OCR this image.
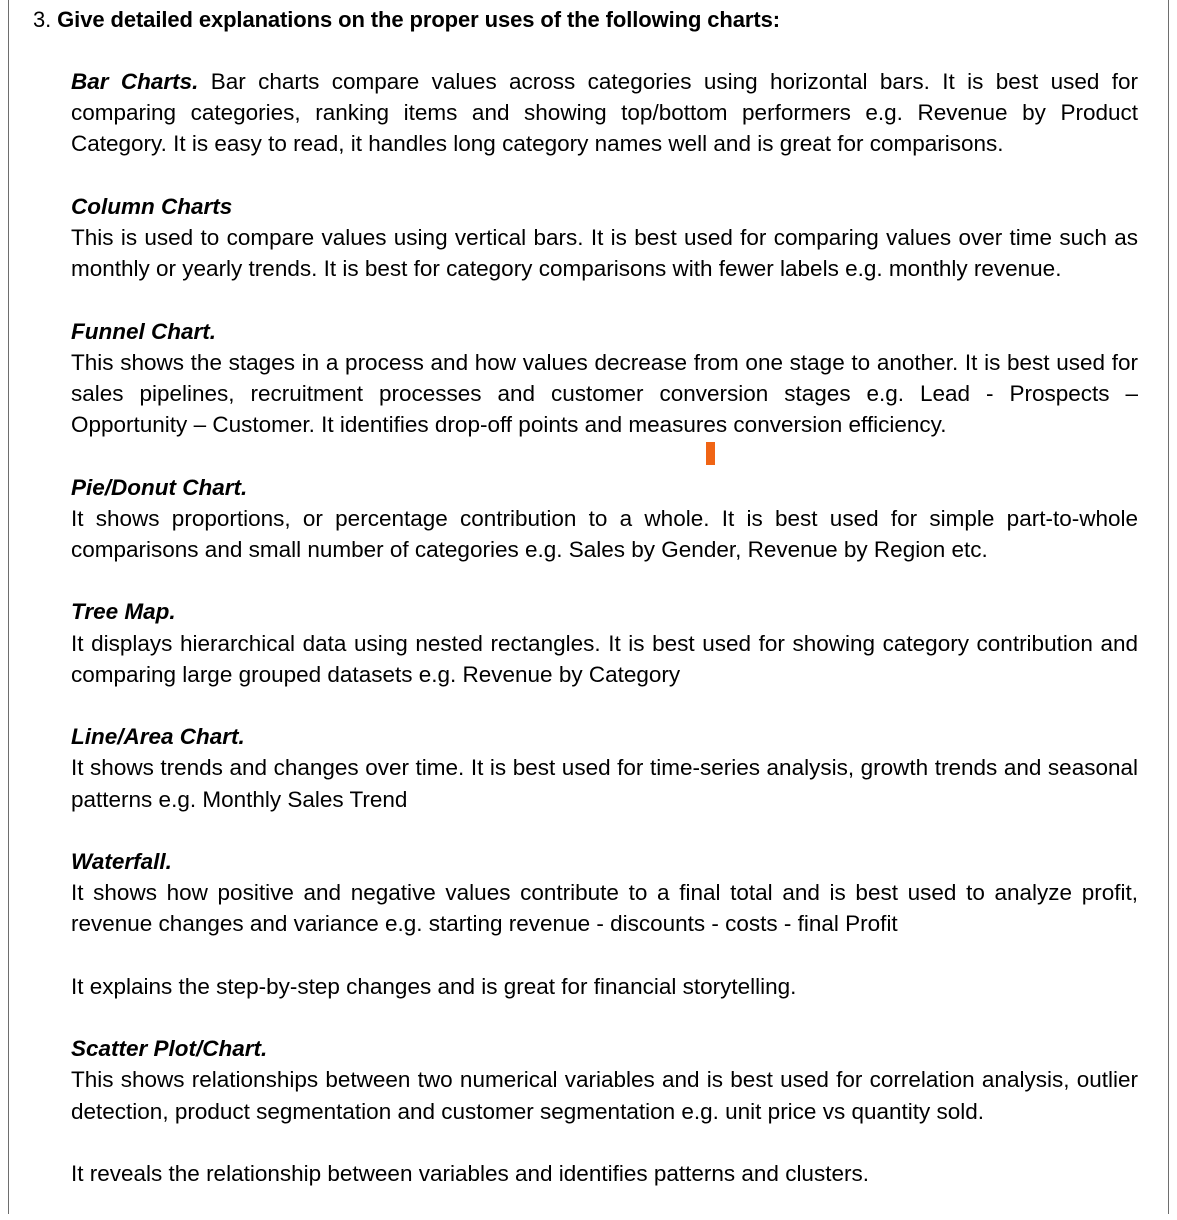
3. Give detailed explanations on the proper uses of the following charts:

Bar Charts. Bar charts compare values across categories using horizontal bars. It is best used for comparing categories, ranking items and showing top/bottom performers e.g. Revenue by Product Category. It is easy to read, it handles long category names well and is great for comparisons.

Column Charts

This is used to compare values using vertical bars. It is best used for comparing values over time such as monthly or yearly trends. It is best for category comparisons with fewer labels e.g. monthly revenue.

Funnel Chart.

This shows the stages in a process and how values decrease from one stage to another. It is best used for sales pipelines, recruitment processes and customer conversion stages e.g. Lead - Prospects – Opportunity – Customer. It identifies drop-off points and measures conversion efficiency.

Pie/Donut Chart.

It shows proportions, or percentage contribution to a whole. It is best used for simple part-to-whole comparisons and small number of categories e.g. Sales by Gender, Revenue by Region etc.

Tree Map.

It displays hierarchical data using nested rectangles. It is best used for showing category contribution and comparing large grouped datasets e.g. Revenue by Category

Line/Area Chart.

It shows trends and changes over time. It is best used for time-series analysis, growth trends and seasonal patterns e.g. Monthly Sales Trend

Waterfall.

It shows how positive and negative values contribute to a final total and is best used to analyze profit, revenue changes and variance e.g. starting revenue - discounts - costs - final Profit

It explains the step-by-step changes and is great for financial storytelling.

Scatter Plot/Chart.

This shows relationships between two numerical variables and is best used for correlation analysis, outlier detection, product segmentation and customer segmentation e.g. unit price vs quantity sold.

It reveals the relationship between variables and identifies patterns and clusters.
